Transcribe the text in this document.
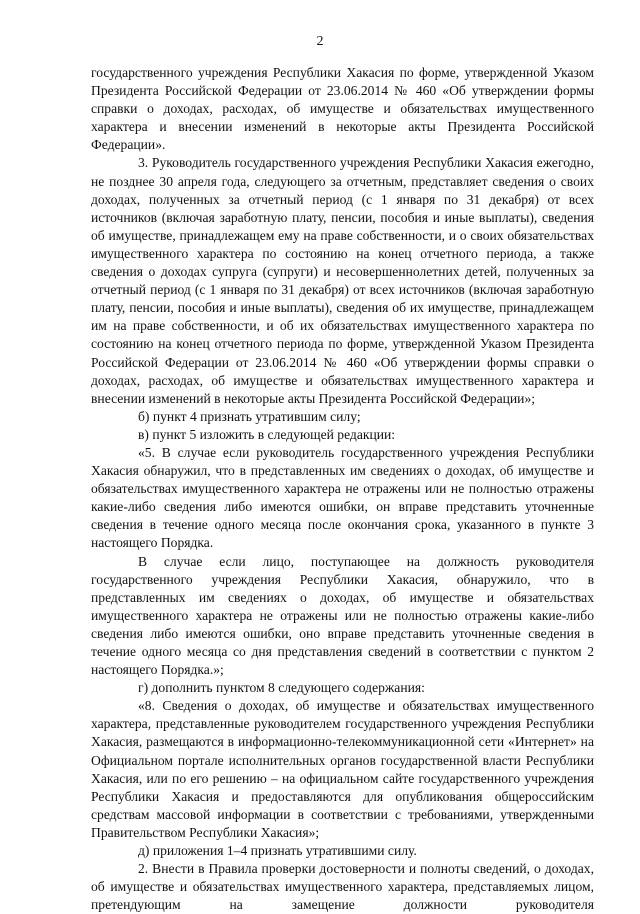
2

государственного учреждения Республики Хакасия по форме, утвержденной Указом Президента Российской Федерации от 23.06.2014 № 460 «Об утверждении формы справки о доходах, расходах, об имуществе и обязательствах имущественного характера и внесении изменений в некоторые акты Президента Российской Федерации».

3. Руководитель государственного учреждения Республики Хакасия ежегодно, не позднее 30 апреля года, следующего за отчетным, представляет сведения о своих доходах, полученных за отчетный период (с 1 января по 31 декабря) от всех источников (включая заработную плату, пенсии, пособия и иные выплаты), сведения об имуществе, принадлежащем ему на праве собственности, и о своих обязательствах имущественного характера по состоянию на конец отчетного периода, а также сведения о доходах супруга (супруги) и несовершеннолетних детей, полученных за отчетный период (с 1 января по 31 декабря) от всех источников (включая заработную плату, пенсии, пособия и иные выплаты), сведения об их имуществе, принадлежащем им на праве собственности, и об их обязательствах имущественного характера по состоянию на конец отчетного периода по форме, утвержденной Указом Президента Российской Федерации от 23.06.2014 № 460 «Об утверждении формы справки о доходах, расходах, об имуществе и обязательствах имущественного характера и внесении изменений в некоторые акты Президента Российской Федерации»;

б) пункт 4 признать утратившим силу;

в) пункт 5 изложить в следующей редакции:

«5. В случае если руководитель государственного учреждения Республики Хакасия обнаружил, что в представленных им сведениях о доходах, об имуществе и обязательствах имущественного характера не отражены или не полностью отражены какие-либо сведения либо имеются ошибки, он вправе представить уточненные сведения в течение одного месяца после окончания срока, указанного в пункте 3 настоящего Порядка.

В случае если лицо, поступающее на должность руководителя государственного учреждения Республики Хакасия, обнаружило, что в представленных им сведениях о доходах, об имуществе и обязательствах имущественного характера не отражены или не полностью отражены какие-либо сведения либо имеются ошибки, оно вправе представить уточненные сведения в течение одного месяца со дня представления сведений в соответствии с пунктом 2 настоящего Порядка.»;

г) дополнить пунктом 8 следующего содержания:

«8. Сведения о доходах, об имуществе и обязательствах имущественного характера, представленные руководителем государственного учреждения Республики Хакасия, размещаются в информационно-телекоммуникационной сети «Интернет» на Официальном портале исполнительных органов государственной власти Республики Хакасия, или по его решению – на официальном сайте государственного учреждения Республики Хакасия и предоставляются для опубликования общероссийским средствам массовой информации в соответствии с требованиями, утвержденными Правительством Республики Хакасия»;

д) приложения 1–4 признать утратившими силу.

2. Внести в Правила проверки достоверности и полноты сведений, о доходах, об имуществе и обязательствах имущественного характера, представляемых лицом, претендующим на замещение должности руководителя
